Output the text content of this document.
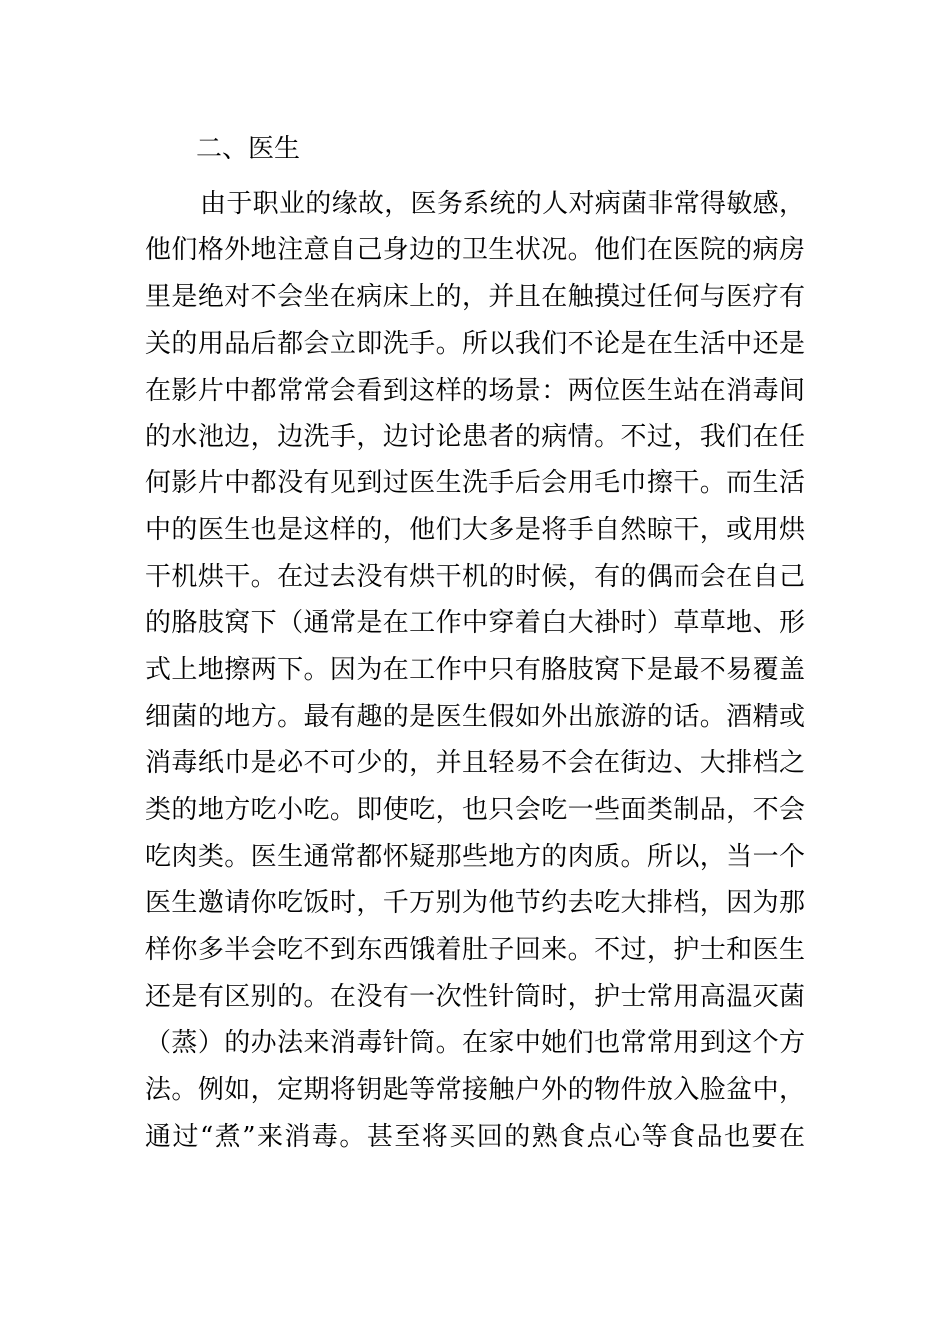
二、医生
由于职业的缘故，医务系统的人对病菌非常得敏感，
他们格外地注意自己身边的卫生状况。他们在医院的病房
里是绝对不会坐在病床上的，并且在触摸过任何与医疗有
关的用品后都会立即洗手。所以我们不论是在生活中还是
在影片中都常常会看到这样的场景：两位医生站在消毒间
的水池边，边洗手，边讨论患者的病情。不过，我们在任
何影片中都没有见到过医生洗手后会用毛巾擦干。而生活
中的医生也是这样的，他们大多是将手自然晾干，或用烘
干机烘干。在过去没有烘干机的时候，有的偶而会在自己
的胳肢窝下（通常是在工作中穿着白大褂时）草草地、形
式上地擦两下。因为在工作中只有胳肢窝下是最不易覆盖
细菌的地方。最有趣的是医生假如外出旅游的话。酒精或
消毒纸巾是必不可少的，并且轻易不会在街边、大排档之
类的地方吃小吃。即使吃，也只会吃一些面类制品，不会
吃肉类。医生通常都怀疑那些地方的肉质。所以，当一个
医生邀请你吃饭时，千万别为他节约去吃大排档，因为那
样你多半会吃不到东西饿着肚子回来。不过，护士和医生
还是有区别的。在没有一次性针筒时，护士常用高温灭菌
（蒸）的办法来消毒针筒。在家中她们也常常用到这个方
法。例如，定期将钥匙等常接触户外的物件放入脸盆中，
通过“煮”来消毒。甚至将买回的熟食点心等食品也要在
